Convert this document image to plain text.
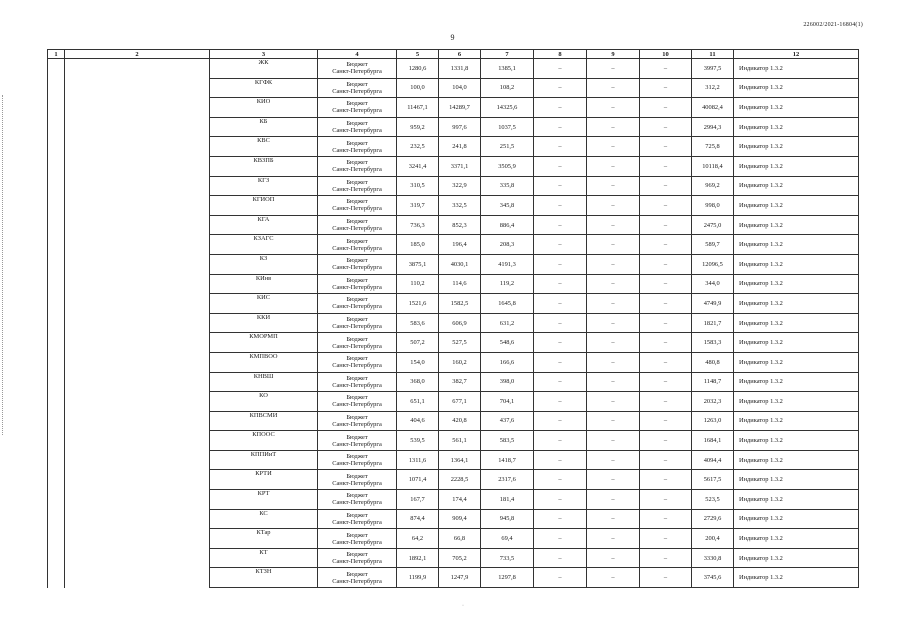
226002/2021-16804(1)
9
1	2	3	4	5	6	7	8	9	10	11	12
		ЖК	Бюджет
Санкт-Петербурга	1280,6	1331,8	1385,1	–	–	–	3997,5	Индикатор 1.3.2
		КГФК	Бюджет
Санкт-Петербурга	100,0	104,0	108,2	–	–	–	312,2	Индикатор 1.3.2
		КИО	Бюджет
Санкт-Петербурга	11467,1	14289,7	14325,6	–	–	–	40082,4	Индикатор 1.3.2
		КБ	Бюджет
Санкт-Петербурга	959,2	997,6	1037,5	–	–	–	2994,3	Индикатор 1.3.2
		КВС	Бюджет
Санкт-Петербурга	232,5	241,8	251,5	–	–	–	725,8	Индикатор 1.3.2
		КВЗПБ	Бюджет
Санкт-Петербурга	3241,4	3371,1	3505,9	–	–	–	10118,4	Индикатор 1.3.2
		КГЗ	Бюджет
Санкт-Петербурга	310,5	322,9	335,8	–	–	–	969,2	Индикатор 1.3.2
		КГИОП	Бюджет
Санкт-Петербурга	319,7	332,5	345,8	–	–	–	998,0	Индикатор 1.3.2
		КГА	Бюджет
Санкт-Петербурга	736,3	852,3	886,4	–	–	–	2475,0	Индикатор 1.3.2
		КЗАГС	Бюджет
Санкт-Петербурга	185,0	196,4	208,3	–	–	–	589,7	Индикатор 1.3.2
		КЗ	Бюджет
Санкт-Петербурга	3875,1	4030,1	4191,3	–	–	–	12096,5	Индикатор 1.3.2
		КИнв	Бюджет
Санкт-Петербурга	110,2	114,6	119,2	–	–	–	344,0	Индикатор 1.3.2
		КИС	Бюджет
Санкт-Петербурга	1521,6	1582,5	1645,8	–	–	–	4749,9	Индикатор 1.3.2
		ККИ	Бюджет
Санкт-Петербурга	583,6	606,9	631,2	–	–	–	1821,7	Индикатор 1.3.2
		КМОРМП	Бюджет
Санкт-Петербурга	507,2	527,5	548,6	–	–	–	1583,3	Индикатор 1.3.2
		КМПВОО	Бюджет
Санкт-Петербурга	154,0	160,2	166,6	–	–	–	480,8	Индикатор 1.3.2
		КНВШ	Бюджет
Санкт-Петербурга	368,0	382,7	398,0	–	–	–	1148,7	Индикатор 1.3.2
		КО	Бюджет
Санкт-Петербурга	651,1	677,1	704,1	–	–	–	2032,3	Индикатор 1.3.2
		КПВСМИ	Бюджет
Санкт-Петербурга	404,6	420,8	437,6	–	–	–	1263,0	Индикатор 1.3.2
		КПООС	Бюджет
Санкт-Петербурга	539,5	561,1	583,5	–	–	–	1684,1	Индикатор 1.3.2
		КППИиТ	Бюджет
Санкт-Петербурга	1311,6	1364,1	1418,7	–	–	–	4094,4	Индикатор 1.3.2
		КРТИ	Бюджет
Санкт-Петербурга	1071,4	2228,5	2317,6	–	–	–	5617,5	Индикатор 1.3.2
		КРТ	Бюджет
Санкт-Петербурга	167,7	174,4	181,4	–	–	–	523,5	Индикатор 1.3.2
		КС	Бюджет
Санкт-Петербурга	874,4	909,4	945,8	–	–	–	2729,6	Индикатор 1.3.2
		КТар	Бюджет
Санкт-Петербурга	64,2	66,8	69,4	–	–	–	200,4	Индикатор 1.3.2
		КТ	Бюджет
Санкт-Петербурга	1892,1	705,2	733,5	–	–	–	3330,8	Индикатор 1.3.2
		КТЗН	Бюджет
Санкт-Петербурга	1199,9	1247,9	1297,8	–	–	–	3745,6	Индикатор 1.3.2
·
